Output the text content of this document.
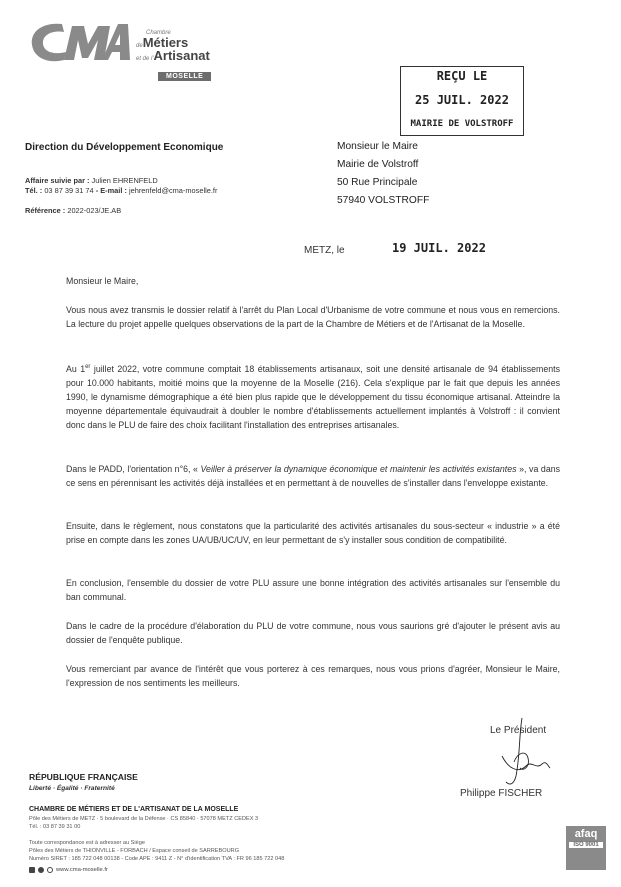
Chambre
deMétiers
et de l'Artisanat
MOSELLE	REÇU LE
25 JUIL. 2022
MAIRIE DE VOLSTROFF
Direction du Développement Economique
Affaire suivie par : Julien EHRENFELD
Tél. : 03 87 39 31 74 - E-mail : jehrenfeld@cma-moselle.fr
Référence : 2022-023/JE.AB
Monsieur le Maire
Mairie de Volstroff
50 Rue Principale
57940 VOLSTROFF
METZ, le	19 JUIL. 2022
Monsieur le Maire,
Vous nous avez transmis le dossier relatif à l'arrêt du Plan Local d'Urbanisme de votre commune et nous vous en remercions. La lecture du projet appelle quelques observations de la part de la Chambre de Métiers et de l'Artisanat de la Moselle.
Au 1er juillet 2022, votre commune comptait 18 établissements artisanaux, soit une densité artisanale de 94 établissements pour 10.000 habitants, moitié moins que la moyenne de la Moselle (216). Cela s'explique par le fait que depuis les années 1990, le dynamisme démographique a été bien plus rapide que le développement du tissu économique artisanal. Atteindre la moyenne départementale équivaudrait à doubler le nombre d'établissements actuellement implantés à Volstroff : il convient donc dans le PLU de faire des choix facilitant l'installation des entreprises artisanales.
Dans le PADD, l'orientation n°6, « Veiller à préserver la dynamique économique et maintenir les activités existantes », va dans ce sens en pérennisant les activités déjà installées et en permettant à de nouvelles de s'installer dans l'enveloppe existante.
Ensuite, dans le règlement, nous constatons que la particularité des activités artisanales du sous-secteur « industrie » a été prise en compte dans les zones UA/UB/UC/UV, en leur permettant de s'y installer sous condition de compatibilité.
En conclusion, l'ensemble du dossier de votre PLU assure une bonne intégration des activités artisanales sur l'ensemble du ban communal.
Dans le cadre de la procédure d'élaboration du PLU de votre commune, nous vous saurions gré d'ajouter le présent avis au dossier de l'enquête publique.
Vous remerciant par avance de l'intérêt que vous porterez à ces remarques, nous vous prions d'agréer, Monsieur le Maire, l'expression de nos sentiments les meilleurs.
Le Président
Philippe FISCHER
RÉPUBLIQUE FRANÇAISE
Liberté · Égalité · Fraternité
CHAMBRE DE MÉTIERS ET DE L'ARTISANAT DE LA MOSELLE
Pôle des Métiers de METZ · 5 boulevard de la Défense · CS 85840 · 57078 METZ CEDEX 3
Tél. : 03 87 39 31 00
Toute correspondance est à adresser au Siège
Pôles des Métiers de THIONVILLE - FORBACH / Espace conseil de SARREBOURG
Numéro SIRET : 185 722 048 00138 - Code APE : 9411 Z - N° d'identification TVA : FR 96 185 722 048
www.cma-moselle.fr
afaq
ISO 9001
